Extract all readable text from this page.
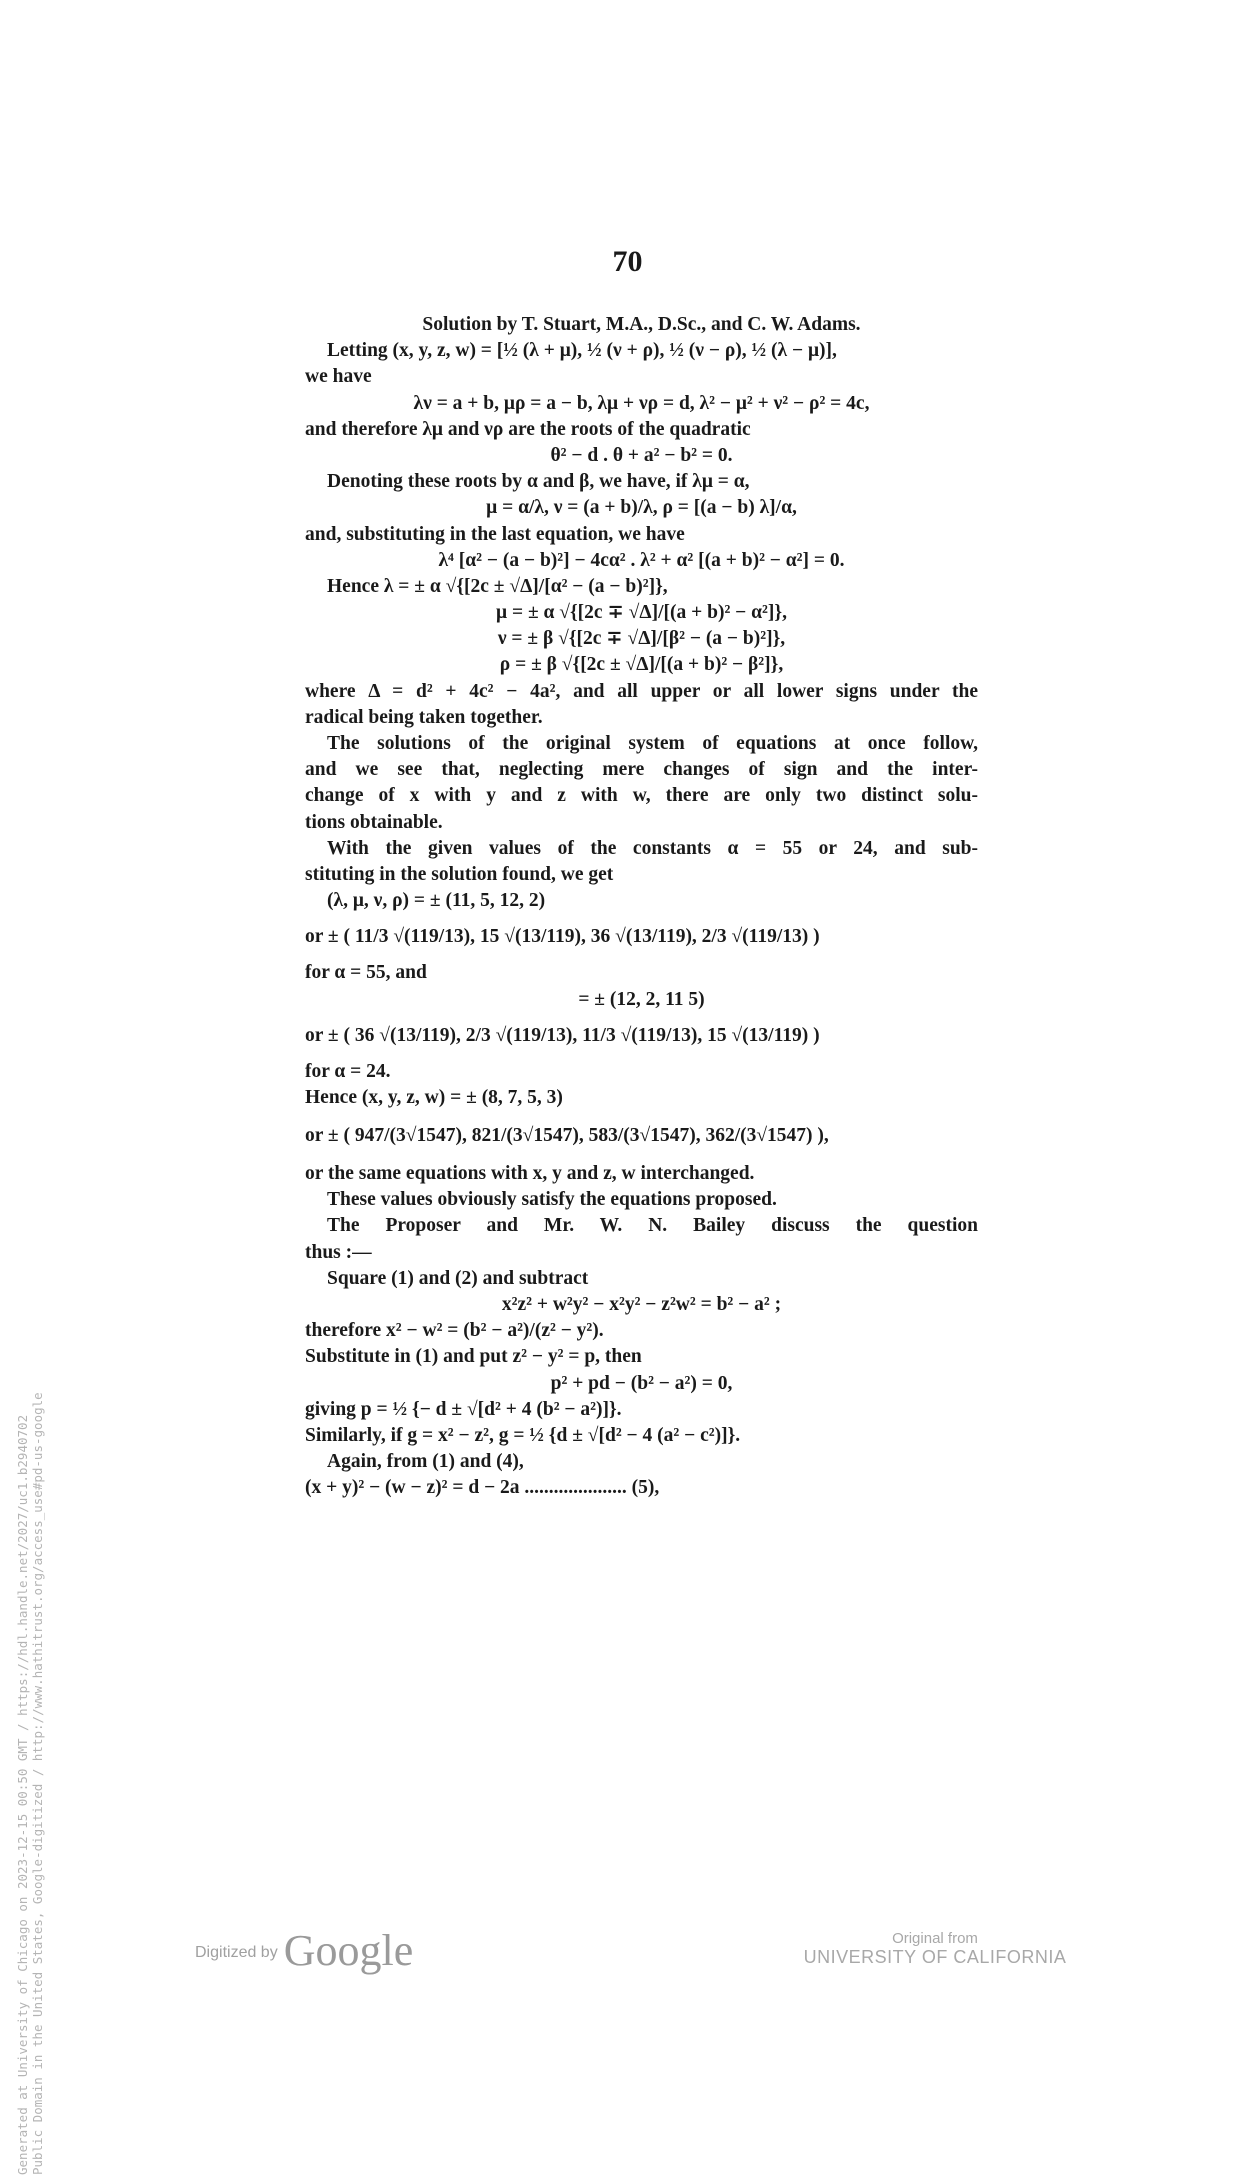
70
Solution by T. Stuart, M.A., D.Sc., and C. W. Adams.
Letting (x, y, z, w) = [½ (λ + μ), ½ (ν + ρ), ½ (ν − ρ), ½ (λ − μ)],
we have
λν = a + b, μρ = a − b, λμ + νρ = d, λ² − μ² + ν² − ρ² = 4c,
and therefore λμ and νρ are the roots of the quadratic
θ² − d . θ + a² − b² = 0.
Denoting these roots by α and β, we have, if λμ = α,
μ = α/λ, ν = (a + b)/λ, ρ = [(a − b) λ]/α,
and, substituting in the last equation, we have
λ⁴ [α² − (a − b)²] − 4cα² . λ² + α² [(a + b)² − α²] = 0.
Hence λ = ± α √{[2c ± √Δ]/[α² − (a − b)²]},
μ = ± α √{[2c ∓ √Δ]/[(a + b)² − α²]},
ν = ± β √{[2c ∓ √Δ]/[β² − (a − b)²]},
ρ = ± β √{[2c ± √Δ]/[(a + b)² − β²]},
where Δ = d² + 4c² − 4a², and all upper or all lower signs under the
radical being taken together.
The solutions of the original system of equations at once follow,
and we see that, neglecting mere changes of sign and the inter-
change of x with y and z with w, there are only two distinct solu-
tions obtainable.
With the given values of the constants α = 55 or 24, and sub-
stituting in the solution found, we get
(λ, μ, ν, ρ) = ± (11, 5, 12, 2)
or ± ( 11/3 √(119/13), 15 √(13/119), 36 √(13/119), 2/3 √(119/13) )
for α = 55, and
= ± (12, 2, 11 5)
or ± ( 36 √(13/119), 2/3 √(119/13), 11/3 √(119/13), 15 √(13/119) )
for α = 24.
Hence (x, y, z, w) = ± (8, 7, 5, 3)
or ± ( 947/(3√1547), 821/(3√1547), 583/(3√1547), 362/(3√1547) ),
or the same equations with x, y and z, w interchanged.
These values obviously satisfy the equations proposed.
The Proposer and Mr. W. N. Bailey discuss the question
thus :—
Square (1) and (2) and subtract
x²z² + w²y² − x²y² − z²w² = b² − a² ;
therefore x² − w² = (b² − a²)/(z² − y²).
Substitute in (1) and put z² − y² = p, then
p² + pd − (b² − a²) = 0,
giving p = ½ {− d ± √[d² + 4 (b² − a²)]}.
Similarly, if g = x² − z², g = ½ {d ± √[d² − 4 (a² − c²)]}.
Again, from (1) and (4),
(x + y)² − (w − z)² = d − 2a ..................... (5),
Generated at University of Chicago on 2023-12-15 00:50 GMT / https://hdl.handle.net/2027/uc1.b2940702 Public Domain in the United States, Google-digitized / http://www.hathitrust.org/access_use#pd-us-google	Digitized by Google	Original from
UNIVERSITY OF CALIFORNIA
